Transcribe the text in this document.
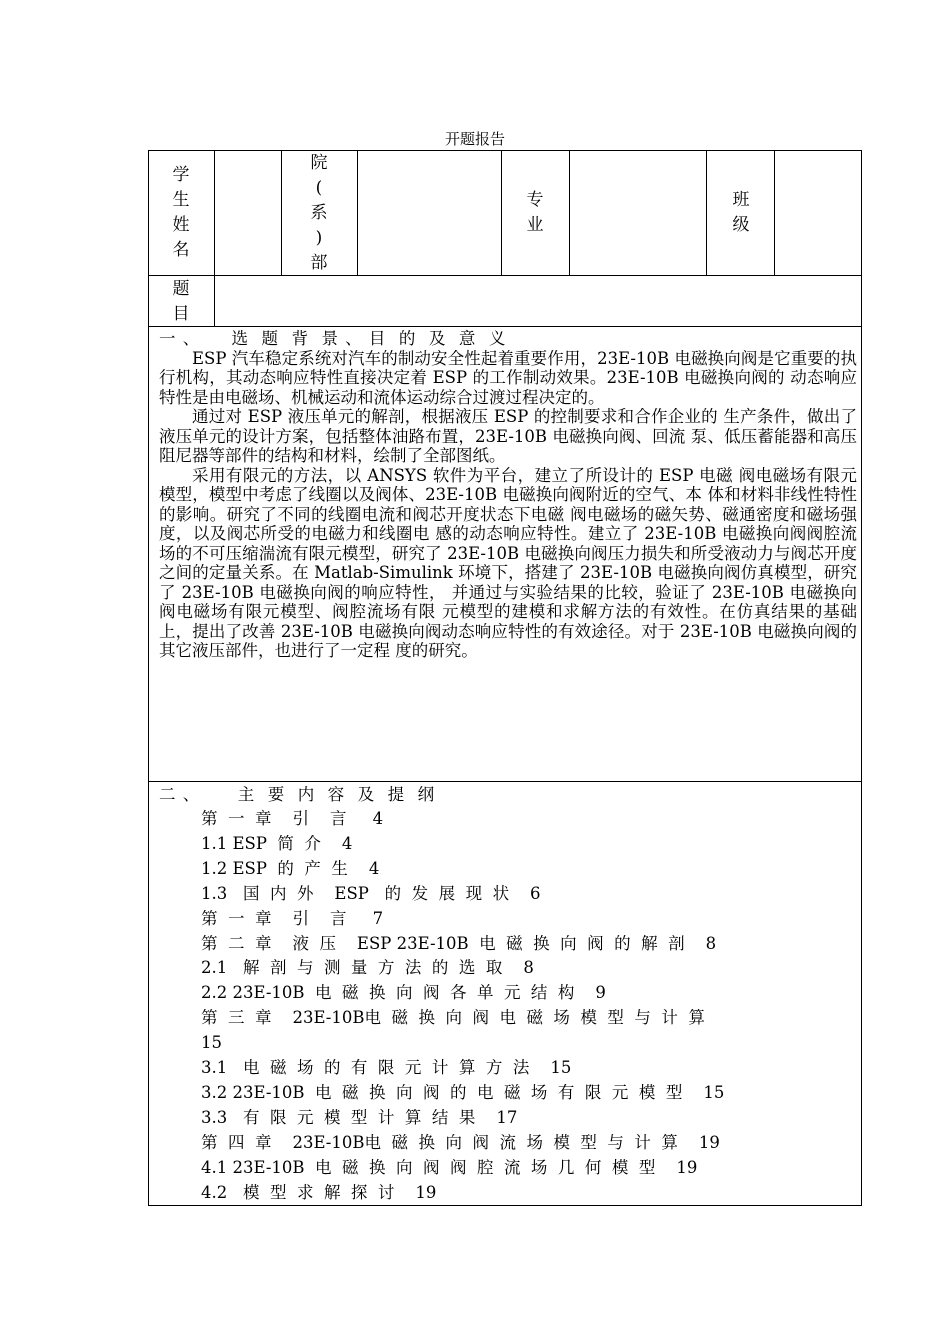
开题报告
学
生
姓
名
院
(
系
)
部
专
业
班
级
题
目
一 、     选  题  背  景 、 目  的  及  意  义

ESP 汽车稳定系统对汽车的制动安全性起着重要作用，23E-10B 电磁换向阀是它重要的执行机构，其动态响应特性直接决定着 ESP 的工作制动效果。23E-10B 电磁换向阀的 动态响应特性是由电磁场、机械运动和流体运动综合过渡过程决定的。

通过对 ESP 液压单元的解剖，根据液压 ESP 的控制要求和合作企业的 生产条件，做出了液压单元的设计方案，包括整体油路布置，23E-10B 电磁换向阀、回流 泵、低压蓄能器和高压阻尼器等部件的结构和材料，绘制了全部图纸。

采用有限元的方法，以 ANSYS 软件为平台，建立了所设计的 ESP 电磁 阀电磁场有限元模型，模型中考虑了线圈以及阀体、23E-10B 电磁换向阀附近的空气、本 体和材料非线性特性的影响。研究了不同的线圈电流和阀芯开度状态下电磁 阀电磁场的磁矢势、磁通密度和磁场强度，以及阀芯所受的电磁力和线圈电 感的动态响应特性。建立了 23E-10B 电磁换向阀阀腔流场的不可压缩湍流有限元模型，研究了 23E-10B 电磁换向阀压力损失和所受液动力与阀芯开度之间的定量关系。在 Matlab-Simulink 环境下，搭建了 23E-10B 电磁换向阀仿真模型，研究了 23E-10B 电磁换向阀的响应特性， 并通过与实验结果的比较，验证了 23E-10B 电磁换向阀电磁场有限元模型、阀腔流场有限 元模型的建模和求解方法的有效性。在仿真结果的基础上，提出了改善 23E-10B 电磁换向阀动态响应特性的有效途径。对于 23E-10B 电磁换向阀的其它液压部件，也进行了一定程 度的研究。

二 、      主  要  内  容  及  提  纲
第  一  章    引    言     4
1.1 ESP  简  介    4
1.2 ESP  的  产  生    4
1.3   国  内  外    ESP   的  发  展  现  状    6
第  一  章    引    言     7
第  二  章    液  压    ESP 23E-10B  电  磁  换  向  阀  的  解  剖    8
2.1   解  剖  与  测  量  方  法  的  选  取    8
2.2 23E-10B  电  磁  换  向  阀  各  单  元  结  构    9
第  三  章    23E-10B电  磁  换  向  阀  电  磁  场  模  型  与  计  算
15
3.1   电  磁  场  的  有  限  元  计  算  方  法    15
3.2 23E-10B  电  磁  换  向  阀  的  电  磁  场  有  限  元  模  型    15
3.3   有  限  元  模  型  计  算  结  果    17
第  四  章    23E-10B电  磁  换  向  阀  流  场  模  型  与  计  算    19
4.1 23E-10B  电  磁  换  向  阀  阀  腔  流  场  几  何  模  型    19
4.2   模  型  求  解  探  讨    19
